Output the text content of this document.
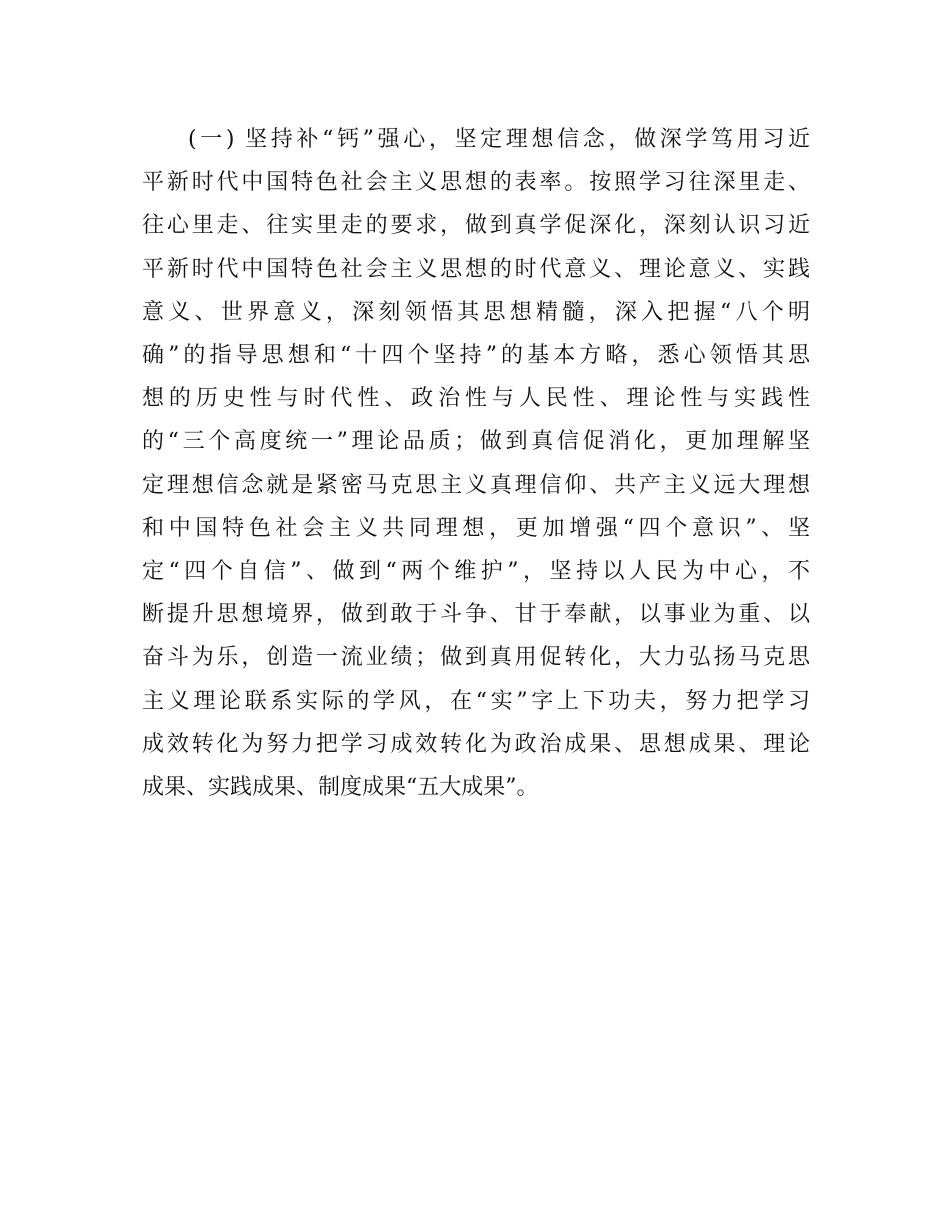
(一) 坚持补“钙”强心，坚定理想信念，做深学笃用习近
平新时代中国特色社会主义思想的表率。按照学习往深里走、
往心里走、往实里走的要求，做到真学促深化，深刻认识习近
平新时代中国特色社会主义思想的时代意义、理论意义、实践
意义、世界意义，深刻领悟其思想精髓，深入把握“八个明
确”的指导思想和“十四个坚持”的基本方略，悉心领悟其思
想的历史性与时代性、政治性与人民性、理论性与实践性
的“三个高度统一”理论品质；做到真信促消化，更加理解坚
定理想信念就是紧密马克思主义真理信仰、共产主义远大理想
和中国特色社会主义共同理想，更加增强“四个意识”、坚
定“四个自信”、做到“两个维护”，坚持以人民为中心，不
断提升思想境界，做到敢于斗争、甘于奉献，以事业为重、以
奋斗为乐，创造一流业绩；做到真用促转化，大力弘扬马克思
主义理论联系实际的学风，在“实”字上下功夫，努力把学习
成效转化为努力把学习成效转化为政治成果、思想成果、理论
成果、实践成果、制度成果“五大成果”。
